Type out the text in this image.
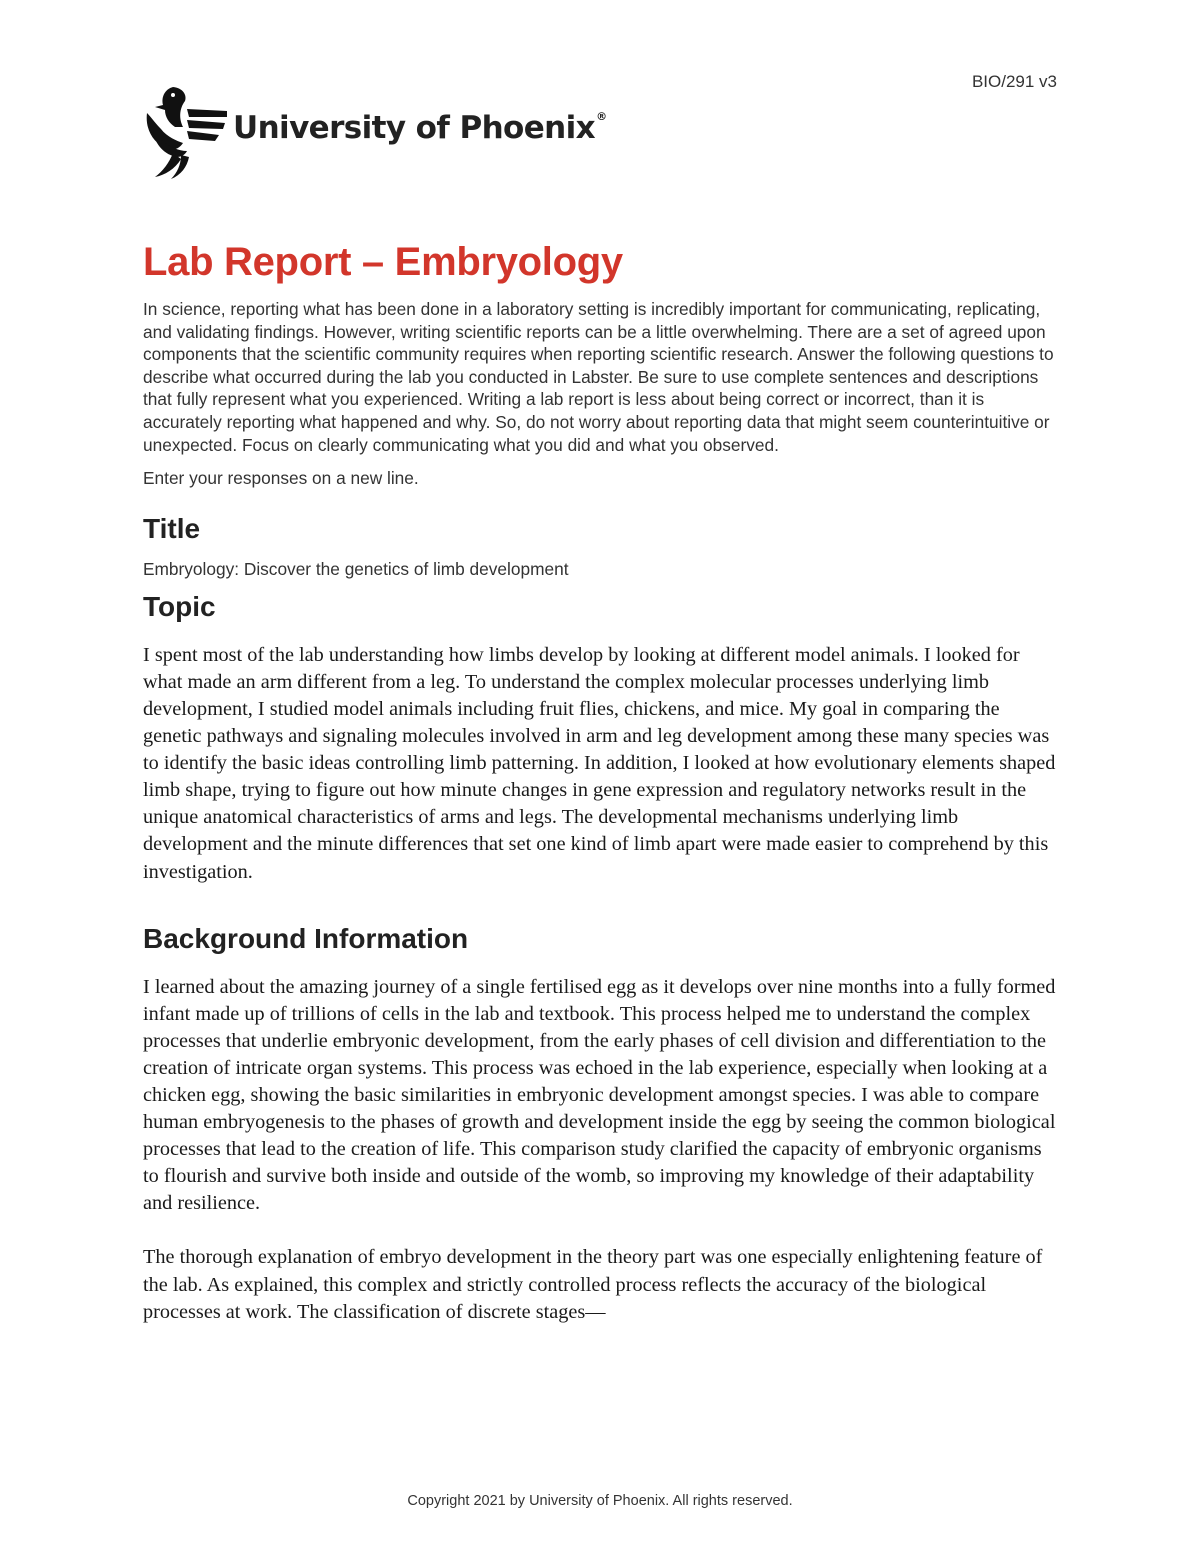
BIO/291 v3
University of Phoenix®
Lab Report – Embryology

In science, reporting what has been done in a laboratory setting is incredibly important for communicating, replicating, and validating findings. However, writing scientific reports can be a little overwhelming. There are a set of agreed upon components that the scientific community requires when reporting scientific research. Answer the following questions to describe what occurred during the lab you conducted in Labster. Be sure to use complete sentences and descriptions that fully represent what you experienced. Writing a lab report is less about being correct or incorrect, than it is accurately reporting what happened and why. So, do not worry about reporting data that might seem counterintuitive or unexpected. Focus on clearly communicating what you did and what you observed.

Enter your responses on a new line.

Title

Embryology: Discover the genetics of limb development

Topic

I spent most of the lab understanding how limbs develop by looking at different model animals. I looked for what made an arm different from a leg. To understand the complex molecular processes underlying limb development, I studied model animals including fruit flies, chickens, and mice. My goal in comparing the genetic pathways and signaling molecules involved in arm and leg development among these many species was to identify the basic ideas controlling limb patterning. In addition, I looked at how evolutionary elements shaped limb shape, trying to figure out how minute changes in gene expression and regulatory networks result in the unique anatomical characteristics of arms and legs. The developmental mechanisms underlying limb development and the minute differences that set one kind of limb apart were made easier to comprehend by this investigation.

Background Information

I learned about the amazing journey of a single fertilised egg as it develops over nine months into a fully formed infant made up of trillions of cells in the lab and textbook. This process helped me to understand the complex processes that underlie embryonic development, from the early phases of cell division and differentiation to the creation of intricate organ systems. This process was echoed in the lab experience, especially when looking at a chicken egg, showing the basic similarities in embryonic development amongst species. I was able to compare human embryogenesis to the phases of growth and development inside the egg by seeing the common biological processes that lead to the creation of life. This comparison study clarified the capacity of embryonic organisms to flourish and survive both inside and outside of the womb, so improving my knowledge of their adaptability and resilience.

The thorough explanation of embryo development in the theory part was one especially enlightening feature of the lab. As explained, this complex and strictly controlled process reflects the accuracy of the biological processes at work. The classification of discrete stages—

Copyright 2021 by University of Phoenix. All rights reserved.
